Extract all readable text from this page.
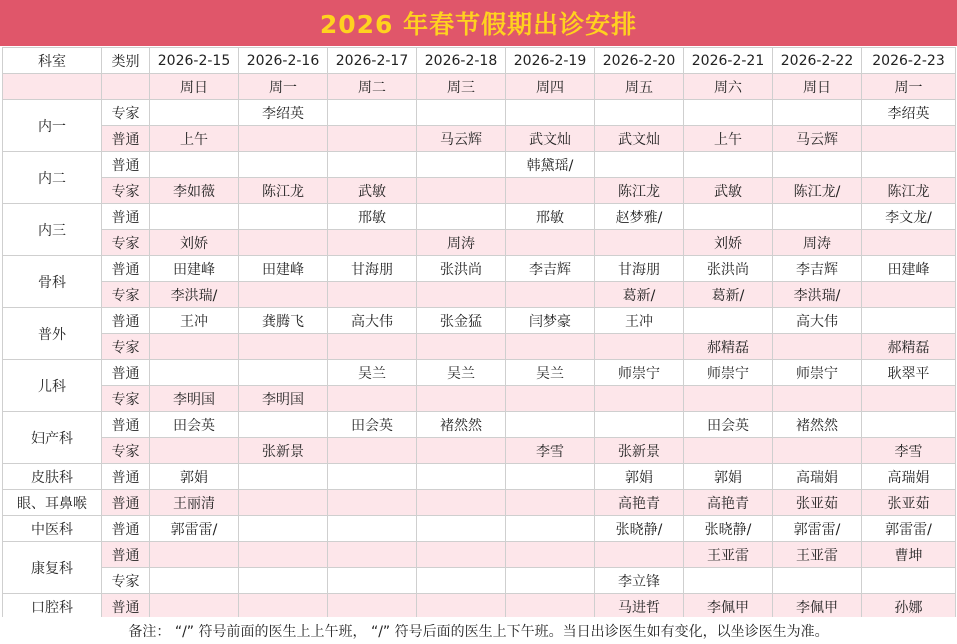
2026 年春节假期出诊安排
科室	类别	2026-2-15	2026-2-16	2026-2-17	2026-2-18	2026-2-19	2026-2-20	2026-2-21	2026-2-22	2026-2-23
		周日	周一	周二	周三	周四	周五	周六	周日	周一
内一	专家		李绍英							李绍英
	普通	上午			马云辉	武文灿	武文灿	上午	马云辉	
内二	普通					韩黛瑶/				
	专家	李如薇	陈江龙	武敏			陈江龙	武敏	陈江龙/	陈江龙
内三	普通			邢敏		邢敏	赵梦雅/			李文龙/
	专家	刘娇			周涛			刘娇	周涛	
骨科	普通	田建峰	田建峰	甘海朋	张洪尚	李吉辉	甘海朋	张洪尚	李吉辉	田建峰
	专家	李洪瑞/					葛新/	葛新/	李洪瑞/	
普外	普通	王冲	龚腾飞	高大伟	张金猛	闫梦豪	王冲		高大伟	
	专家							郝精磊		郝精磊
儿科	普通			吴兰	吴兰	吴兰	师崇宁	师崇宁	师崇宁	耿翠平
	专家	李明国	李明国							
妇产科	普通	田会英		田会英	褚然然			田会英	褚然然	
	专家		张新景			李雪	张新景			李雪
皮肤科	普通	郭娟					郭娟	郭娟	高瑞娟	高瑞娟
眼、耳鼻喉	普通	王丽清					高艳青	高艳青	张亚茹	张亚茹
中医科	普通	郭雷雷/					张晓静/	张晓静/	郭雷雷/	郭雷雷/
康复科	普通							王亚雷	王亚雷	曹坤
	专家						李立锋			
口腔科	普通						马进哲	李佩甲	李佩甲	孙娜
备注： “/” 符号前面的医生上上午班， “/” 符号后面的医生上下午班。当日出诊医生如有变化，以坐诊医生为准。
